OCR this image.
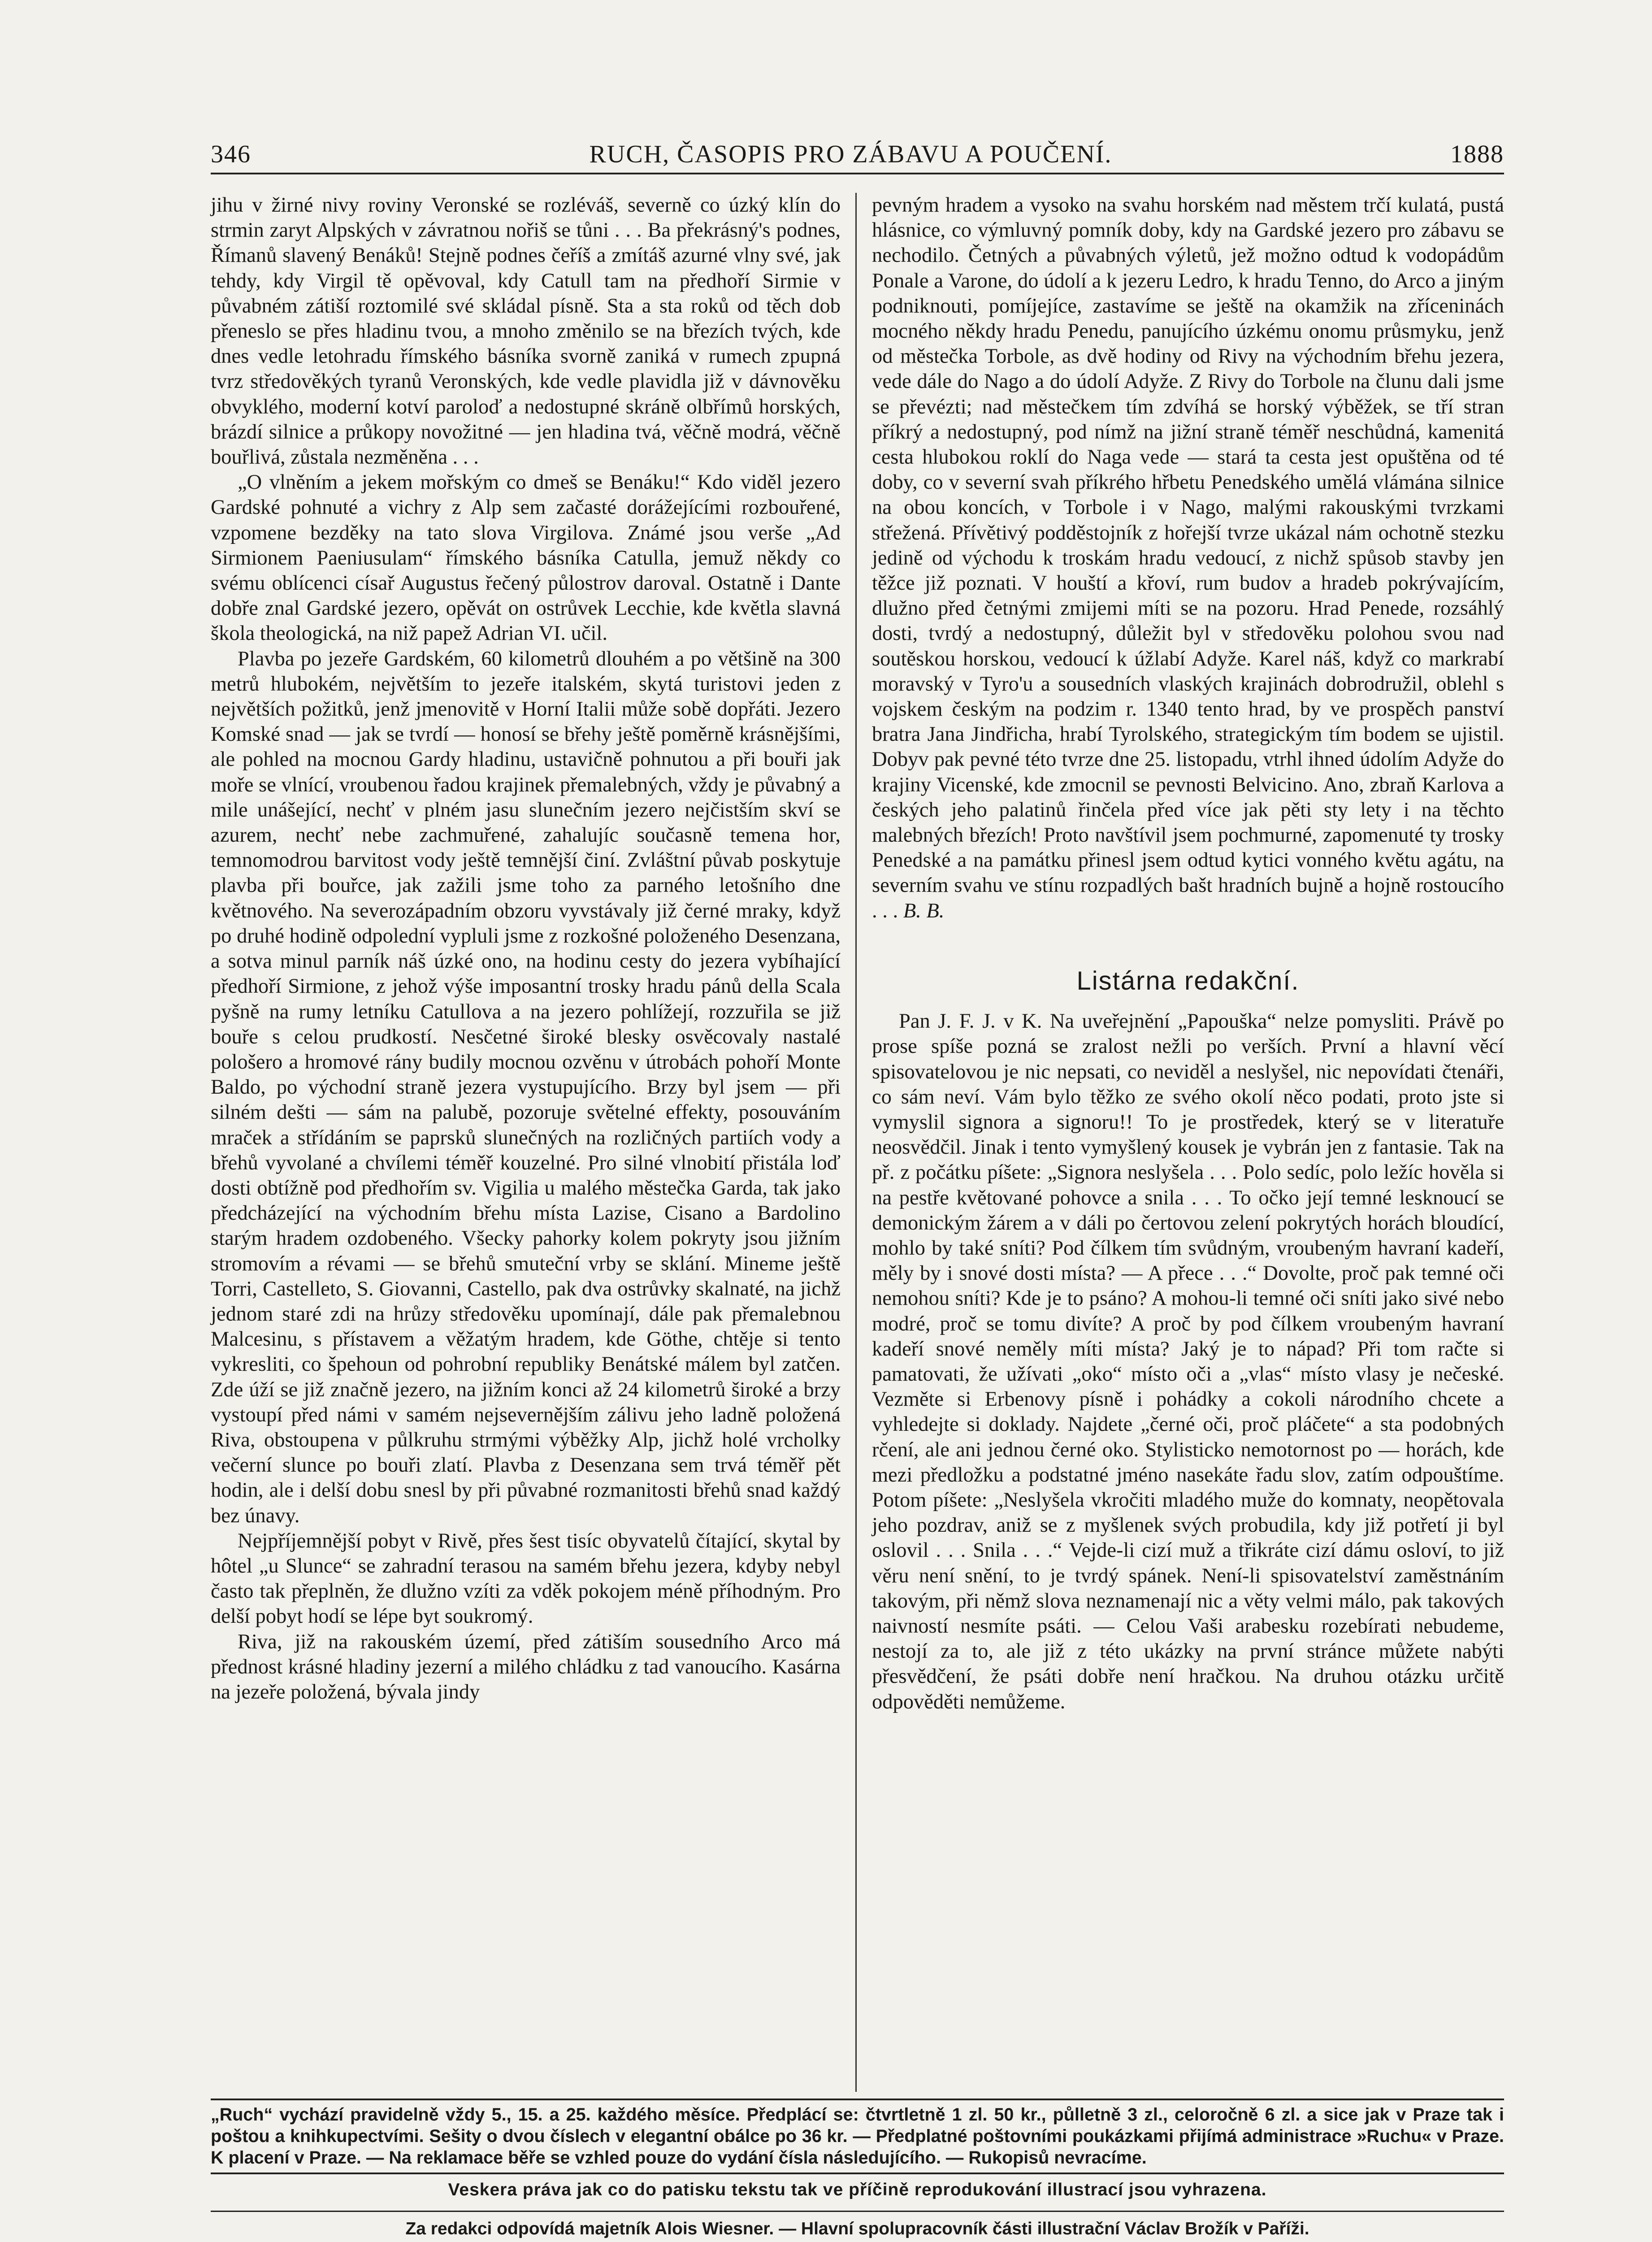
346	RUCH, ČASOPIS PRO ZÁBAVU A POUČENÍ.	1888

jihu v žirné nivy roviny Veronské se rozléváš, severně co úzký klín do strmin zaryt Alpských v závratnou nořiš se tůni . . . Ba překrásný's podnes, Římanů slavený Benáků! Stejně podnes čeříš a zmítáš azurné vlny své, jak tehdy, kdy Virgil tě opěvoval, kdy Catull tam na předhoří Sirmie v půvabném zátiší roztomilé své skládal písně. Sta a sta roků od těch dob přeneslo se přes hladinu tvou, a mnoho změnilo se na březích tvých, kde dnes vedle letohradu římského básníka svorně zaniká v rumech zpupná tvrz středověkých tyranů Veronských, kde vedle plavidla již v dávnověku obvyklého, moderní kotví paroloď a nedostupné skráně olbřímů horských, brázdí silnice a průkopy novožitné — jen hladina tvá, věčně modrá, věčně bouřlivá, zůstala nezměněna . . .

„O vlněním a jekem mořským co dmeš se Benáku!“ Kdo viděl jezero Gardské pohnuté a vichry z Alp sem začasté dorážejícími rozbouřené, vzpomene bezděky na tato slova Virgilova. Známé jsou verše „Ad Sirmionem Paeniusulam“ římského básníka Catulla, jemuž někdy co svému oblícenci císař Augustus řečený půlostrov daroval. Ostatně i Dante dobře znal Gardské jezero, opěvát on ostrůvek Lecchie, kde květla slavná škola theologická, na niž papež Adrian VI. učil.

Plavba po jezeře Gardském, 60 kilometrů dlouhém a po většině na 300 metrů hlubokém, největším to jezeře italském, skytá turistovi jeden z největších požitků, jenž jmenovitě v Horní Italii může sobě dopřáti. Jezero Komské snad — jak se tvrdí — honosí se břehy ještě poměrně krásnějšími, ale pohled na mocnou Gardy hladinu, ustavičně pohnutou a při bouři jak moře se vlnící, vroubenou řadou krajinek přemalebných, vždy je půvabný a mile unášející, nechť v plném jasu slunečním jezero nejčistším skví se azurem, nechť nebe zachmuřené, zahalujíc současně temena hor, temnomodrou barvitost vody ještě temnější činí. Zvláštní půvab poskytuje plavba při bouřce, jak zažili jsme toho za parného letošního dne květnového. Na severozápadním obzoru vyvstávaly již černé mraky, když po druhé hodině odpolední vypluli jsme z rozkošné položeného Desenzana, a sotva minul parník náš úzké ono, na hodinu cesty do jezera vybíhající předhoří Sirmione, z jehož výše imposantní trosky hradu pánů della Scala pyšně na rumy letníku Catullova a na jezero pohlížejí, rozzuřila se již bouře s celou prudkostí. Nesčetné široké blesky osvěcovaly nastalé pološero a hromové rány budily mocnou ozvěnu v útrobách pohoří Monte Baldo, po východní straně jezera vystupujícího. Brzy byl jsem — při silném dešti — sám na palubě, pozoruje světelné effekty, posouváním mraček a střídáním se paprsků slunečných na rozličných partiích vody a břehů vyvolané a chvílemi téměř kouzelné. Pro silné vlnobití přistála loď dosti obtížně pod předhořím sv. Vigilia u malého městečka Garda, tak jako předcházející na východním břehu místa Lazise, Cisano a Bardolino starým hradem ozdobeného. Všecky pahorky kolem pokryty jsou jižním stromovím a révami — se břehů smuteční vrby se sklání. Mineme ještě Torri, Castelleto, S. Giovanni, Castello, pak dva ostrůvky skalnaté, na jichž jednom staré zdi na hrůzy středověku upomínají, dále pak přemalebnou Malcesinu, s přístavem a věžatým hradem, kde Göthe, chtěje si tento vykresliti, co špehoun od pohrobní republiky Benátské málem byl zatčen. Zde úží se již značně jezero, na jižním konci až 24 kilometrů široké a brzy vystoupí před námi v samém nejsevernějším zálivu jeho ladně položená Riva, obstoupena v půlkruhu strmými výběžky Alp, jichž holé vrcholky večerní slunce po bouři zlatí. Plavba z Desenzana sem trvá téměř pět hodin, ale i delší dobu snesl by při půvabné rozmanitosti břehů snad každý bez únavy.

Nejpříjemnější pobyt v Rivě, přes šest tisíc obyvatelů čítající, skytal by hôtel „u Slunce“ se zahradní terasou na samém břehu jezera, kdyby nebyl často tak přeplněn, že dlužno vzíti za vděk pokojem méně příhodným. Pro delší pobyt hodí se lépe byt soukromý.

Riva, již na rakouském území, před zátiším sousedního Arco má přednost krásné hladiny jezerní a milého chládku z tad vanoucího. Kasárna na jezeře položená, bývala jindy

pevným hradem a vysoko na svahu horském nad městem trčí kulatá, pustá hlásnice, co výmluvný pomník doby, kdy na Gardské jezero pro zábavu se nechodilo. Četných a půvabných výletů, jež možno odtud k vodopádům Ponale a Varone, do údolí a k jezeru Ledro, k hradu Tenno, do Arco a jiným podniknouti, pomíjejíce, zastavíme se ještě na okamžik na zříceninách mocného někdy hradu Penedu, panujícího úzkému onomu průsmyku, jenž od městečka Torbole, as dvě hodiny od Rivy na východním břehu jezera, vede dále do Nago a do údolí Adyže. Z Rivy do Torbole na člunu dali jsme se převézti; nad městečkem tím zdvíhá se horský výběžek, se tří stran příkrý a nedostupný, pod nímž na jižní straně téměř neschůdná, kamenitá cesta hlubokou roklí do Naga vede — stará ta cesta jest opuštěna od té doby, co v severní svah příkrého hřbetu Penedského umělá vlámána silnice na obou koncích, v Torbole i v Nago, malými rakouskými tvrzkami střežená. Přívětivý podděstojník z hořejší tvrze ukázal nám ochotně stezku jedině od východu k troskám hradu vedoucí, z nichž spůsob stavby jen těžce již poznati. V houští a křoví, rum budov a hradeb pokrývajícím, dlužno před četnými zmijemi míti se na pozoru. Hrad Penede, rozsáhlý dosti, tvrdý a nedostupný, důležit byl v středověku polohou svou nad soutěskou horskou, vedoucí k úžlabí Adyže. Karel náš, když co markrabí moravský v Tyro'u a sousedních vlaských krajinách dobrodružil, oblehl s vojskem českým na podzim r. 1340 tento hrad, by ve prospěch panství bratra Jana Jindřicha, hrabí Tyrolského, strategickým tím bodem se ujistil. Dobyv pak pevné této tvrze dne 25. listopadu, vtrhl ihned údolím Adyže do krajiny Vicenské, kde zmocnil se pevnosti Belvicino. Ano, zbraň Karlova a českých jeho palatinů řinčela před více jak pěti sty lety i na těchto malebných březích! Proto navštívil jsem pochmurné, zapomenuté ty trosky Penedské a na památku přinesl jsem odtud kytici vonného květu agátu, na severním svahu ve stínu rozpadlých bašt hradních bujně a hojně rostoucího . . . B. B.

Listárna redakční.

Pan J. F. J. v K. Na uveřejnění „Papouška“ nelze pomysliti. Právě po prose spíše pozná se zralost nežli po verších. První a hlavní věcí spisovatelovou je nic nepsati, co neviděl a neslyšel, nic nepovídati čtenáři, co sám neví. Vám bylo těžko ze svého okolí něco podati, proto jste si vymyslil signora a signoru!! To je prostředek, který se v literatuře neosvědčil. Jinak i tento vymyšlený kousek je vybrán jen z fantasie. Tak na př. z počátku píšete: „Signora neslyšela . . . Polo sedíc, polo ležíc hověla si na pestře květované pohovce a snila . . . To očko její temné lesknoucí se demonickým žárem a v dáli po čertovou zelení pokrytých horách bloudící, mohlo by také sníti? Pod čílkem tím svůdným, vroubeným havraní kadeří, měly by i snové dosti místa? — A přece . . .“ Dovolte, proč pak temné oči nemohou sníti? Kde je to psáno? A mohou-li temné oči sníti jako sivé nebo modré, proč se tomu divíte? A proč by pod čílkem vroubeným havraní kadeří snové neměly míti místa? Jaký je to nápad? Při tom račte si pamatovati, že užívati „oko“ místo oči a „vlas“ místo vlasy je nečeské. Vezměte si Erbenovy písně i pohádky a cokoli národního chcete a vyhledejte si doklady. Najdete „černé oči, proč pláčete“ a sta podobných rčení, ale ani jednou černé oko. Stylisticko nemotornost po — horách, kde mezi předložku a podstatné jméno nasekáte řadu slov, zatím odpouštíme. Potom píšete: „Neslyšela vkročiti mladého muže do komnaty, neopětovala jeho pozdrav, aniž se z myšlenek svých probudila, kdy již potřetí ji byl oslovil . . . Snila . . .“ Vejde-li cizí muž a třikráte cizí dámu osloví, to již věru není snění, to je tvrdý spánek. Není-li spisovatelství zaměstnáním takovým, při němž slova neznamenají nic a věty velmi málo, pak takových naivností nesmíte psáti. — Celou Vaši arabesku rozebírati nebudeme, nestojí za to, ale již z této ukázky na první stránce můžete nabýti přesvědčení, že psáti dobře není hračkou. Na druhou otázku určitě odpověděti nemůžeme.

„Ruch“ vychází pravidelně vždy 5., 15. a 25. každého měsíce. Předplácí se: čtvrtletně 1 zl. 50 kr., půlletně 3 zl., celoročně 6 zl. a sice jak v Praze tak i poštou a knihkupectvími. Sešity o dvou číslech v elegantní obálce po 36 kr. — Předplatné poštovními poukázkami přijímá administrace »Ruchu« v Praze. K placení v Praze. — Na reklamace běře se vzhled pouze do vydání čísla následujícího. — Rukopisů nevracíme.
Veskera práva jak co do patisku tekstu tak ve příčině reprodukování illustrací jsou vyhrazena.
Za redakci odpovídá majetník Alois Wiesner. — Hlavní spolupracovník části illustrační Václav Brožík v Paříži.
